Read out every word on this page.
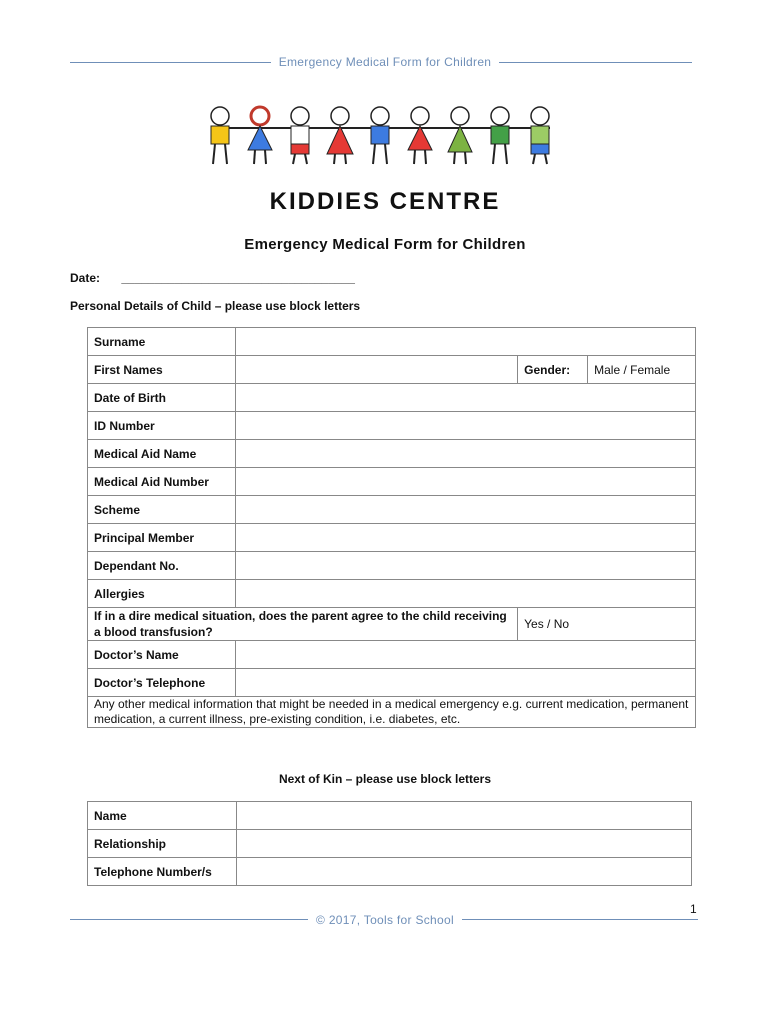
Emergency Medical Form for Children
KIDDIES CENTRE
Emergency Medical Form for Children
Date: ___________________________________
Personal Details of Child – please use block letters
Surname			
First Names		Gender:	Male / Female
Date of Birth			
ID Number			
Medical Aid Name			
Medical Aid Number			
Scheme			
Principal Member			
Dependant No.			
Allergies			
If in a dire medical situation, does the parent agree to the child receiving a blood transfusion?		Yes / No	
Doctor’s Name			
Doctor’s Telephone			
Any other medical information that might be needed in a medical emergency e.g. current medication, permanent medication, a current illness, pre-existing condition, i.e. diabetes, etc.			
Next of Kin – please use block letters
Name	
Relationship	
Telephone Number/s	
1
© 2017, Tools for School
